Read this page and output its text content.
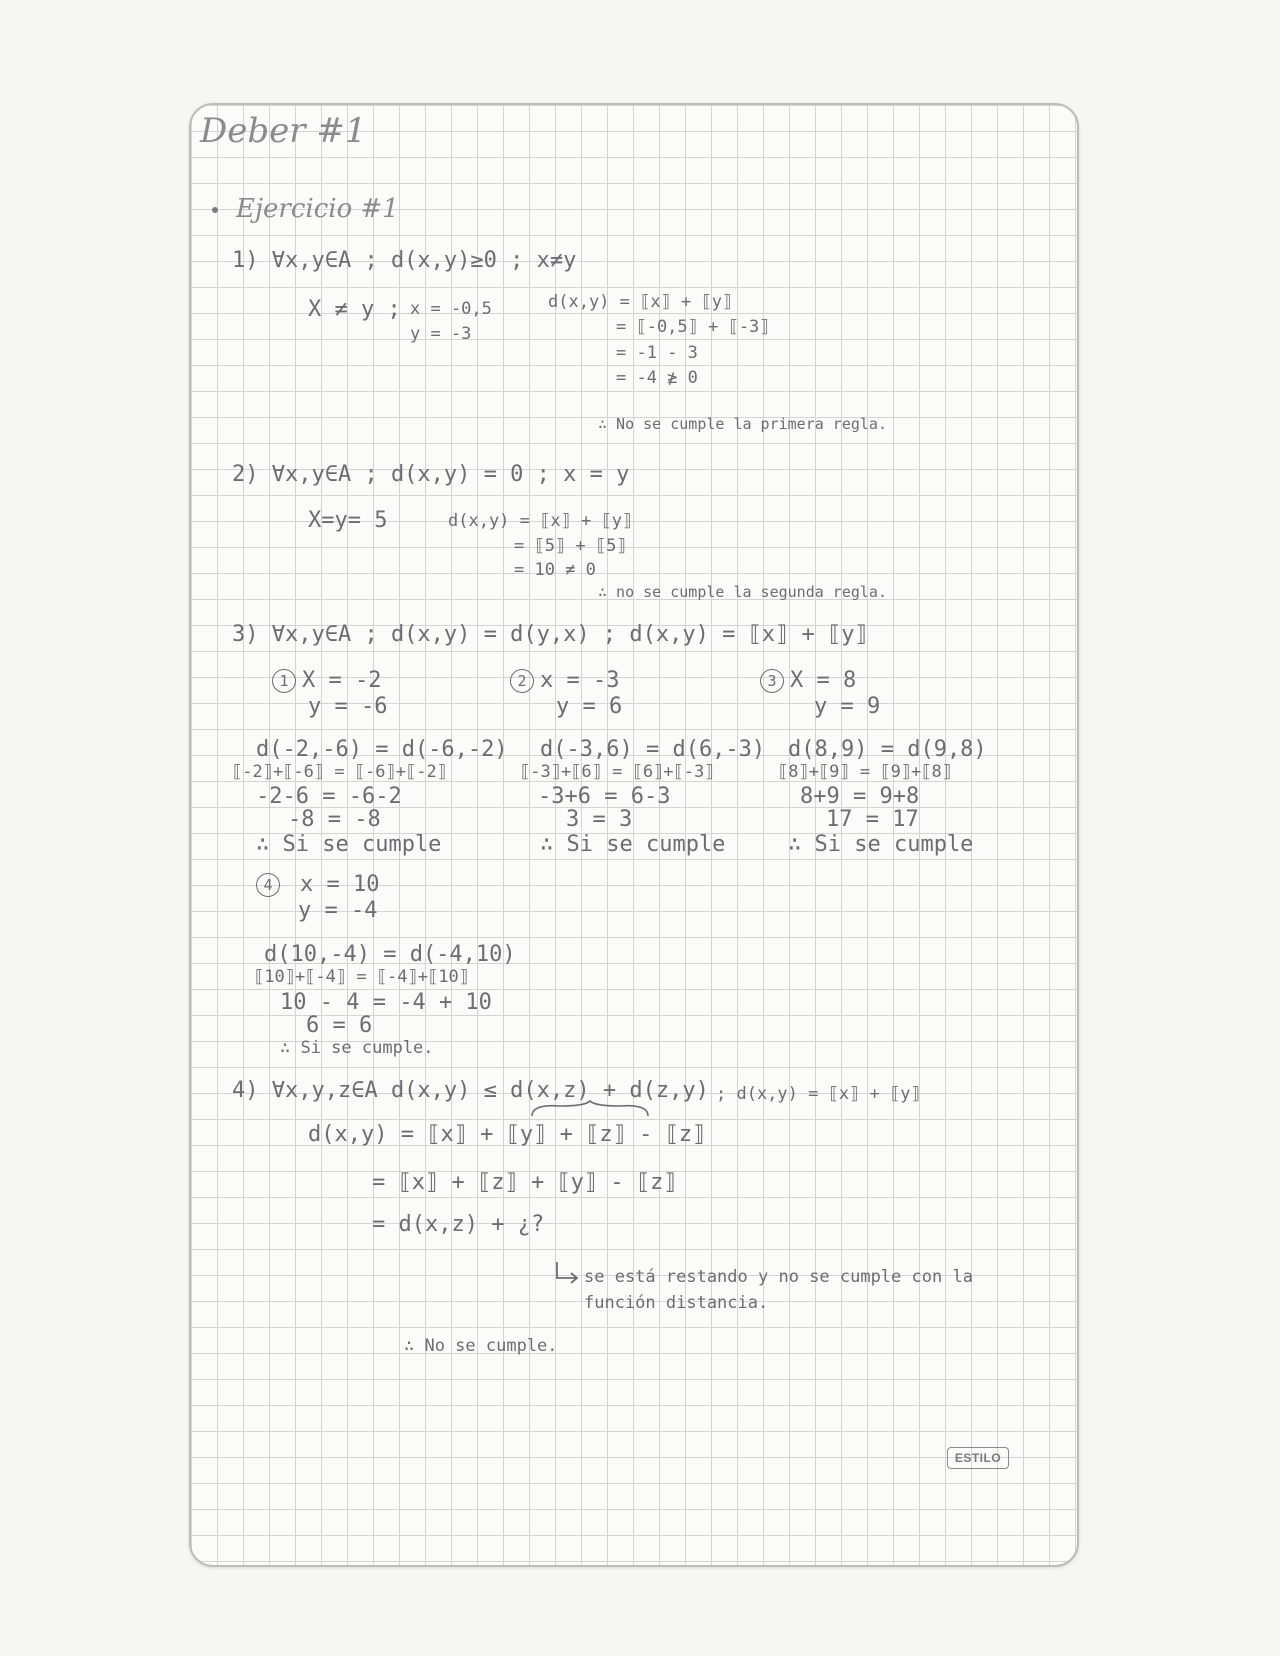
Deber #1
Ejercicio #1
1) ∀x,y∈A ; d(x,y)≥0 ; x≠y
X ≠ y ; x = -0,5
y = -3
d(x,y) = ⟦x⟧ + ⟦y⟧
= ⟦-0,5⟧ + ⟦-3⟧
= -1 - 3
= -4 ≱ 0
∴ No se cumple la primera regla.
2) ∀x,y∈A ; d(x,y) = 0 ; x = y
X=y= 5	d(x,y) = ⟦x⟧ + ⟦y⟧
= ⟦5⟧ + ⟦5⟧
= 10 ≠ 0
∴ no se cumple la segunda regla.
3) ∀x,y∈A ; d(x,y) = d(y,x) ; d(x,y) = ⟦x⟧ + ⟦y⟧
1 X = -2
y = -6
d(-2,-6) = d(-6,-2)
⟦-2⟧+⟦-6⟧ = ⟦-6⟧+⟦-2⟧
-2-6 = -6-2
-8 = -8
∴ Si se cumple
2 x = -3
y = 6
d(-3,6) = d(6,-3)
⟦-3⟧+⟦6⟧ = ⟦6⟧+⟦-3⟧
-3+6 = 6-3
3 = 3
∴ Si se cumple
3 X = 8
y = 9
d(8,9) = d(9,8)
⟦8⟧+⟦9⟧ = ⟦9⟧+⟦8⟧
8+9 = 9+8
17 = 17
∴ Si se cumple
4 x = 10
y = -4
d(10,-4) = d(-4,10)
⟦10⟧+⟦-4⟧ = ⟦-4⟧+⟦10⟧
10 - 4 = -4 + 10
6 = 6
∴ Si se cumple.
4) ∀x,y,z∈A d(x,y) ≤ d(x,z) + d(z,y) ; d(x,y) = ⟦x⟧ + ⟦y⟧
d(x,y) = ⟦x⟧ + ⟦y⟧ + ⟦z⟧ - ⟦z⟧
= ⟦x⟧ + ⟦z⟧ + ⟦y⟧ - ⟦z⟧
= d(x,z) + ¿?
se está restando y no se cumple con la
función distancia.
∴ No se cumple.
ESTILO
